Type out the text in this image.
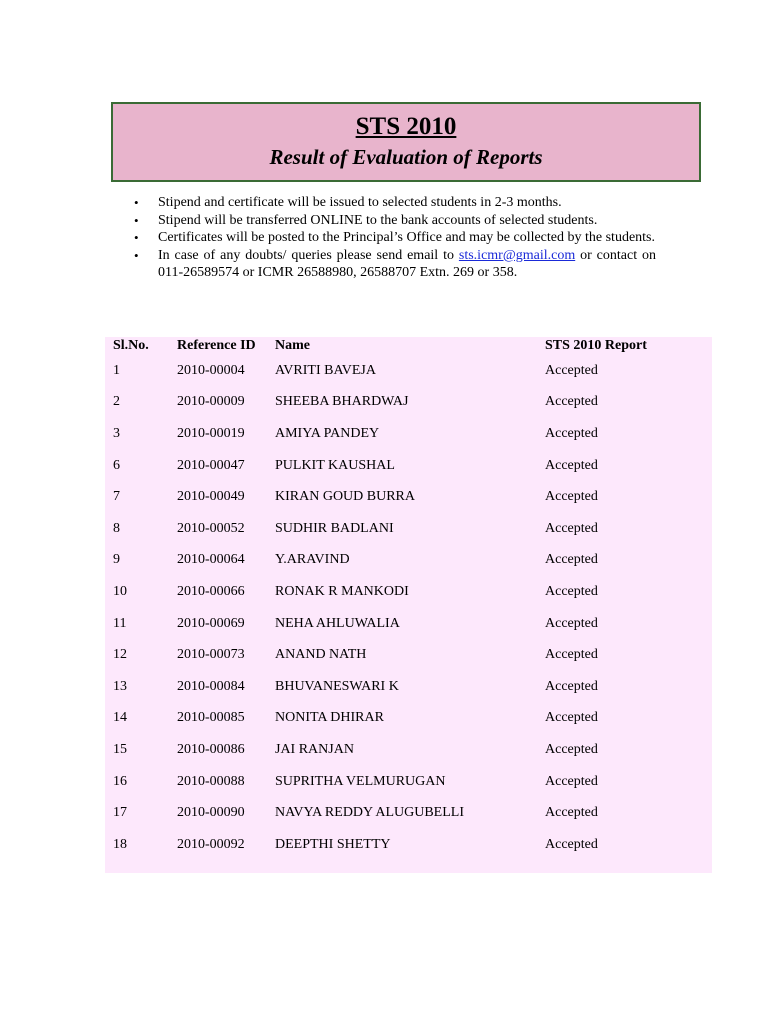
STS 2010
Result of Evaluation of Reports
• Stipend and certificate will be issued to selected students in 2-3 months.
• Stipend will be transferred ONLINE to the bank accounts of selected students.
• Certificates will be posted to the Principal’s Office and may be collected by the students.
• In case of any doubts/ queries please send email to sts.icmr@gmail.com or contact on 011-26589574 or ICMR 26588980, 26588707 Extn. 269 or 358.
Sl.No.	Reference ID	Name	STS 2010 Report
1	2010-00004	AVRITI BAVEJA	Accepted
2	2010-00009	SHEEBA BHARDWAJ	Accepted
3	2010-00019	AMIYA PANDEY	Accepted
6	2010-00047	PULKIT KAUSHAL	Accepted
7	2010-00049	KIRAN GOUD BURRA	Accepted
8	2010-00052	SUDHIR BADLANI	Accepted
9	2010-00064	Y.ARAVIND	Accepted
10	2010-00066	RONAK R MANKODI	Accepted
11	2010-00069	NEHA AHLUWALIA	Accepted
12	2010-00073	ANAND NATH	Accepted
13	2010-00084	BHUVANESWARI K	Accepted
14	2010-00085	NONITA DHIRAR	Accepted
15	2010-00086	JAI RANJAN	Accepted
16	2010-00088	SUPRITHA VELMURUGAN	Accepted
17	2010-00090	NAVYA REDDY ALUGUBELLI	Accepted
18	2010-00092	DEEPTHI SHETTY	Accepted
